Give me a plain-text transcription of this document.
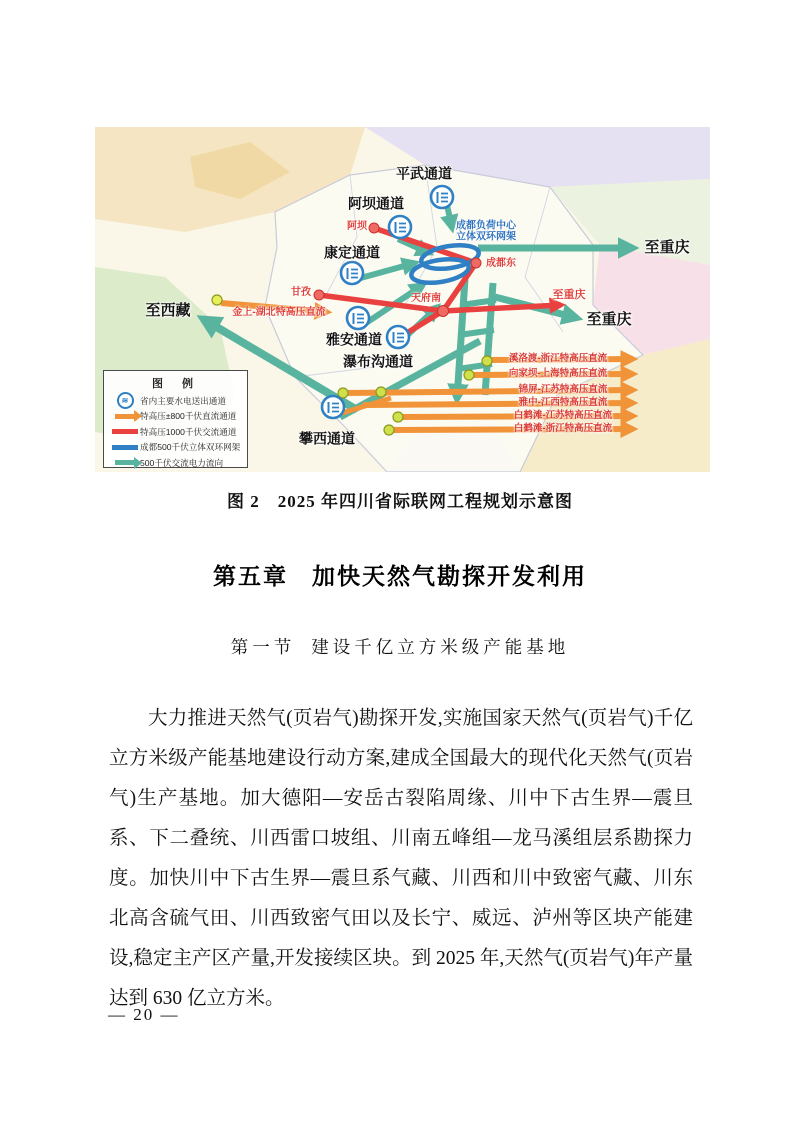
平武通道
阿坝通道
康定通道
雅安通道
瀑布沟通道
攀西通道
至西藏
至重庆
至重庆
至重庆
阿坝
甘孜
成都东
天府南
成都负荷中心
立体双环网架
金上-湖北特高压直流
溪洛渡-浙江特高压直流
向家坝-上海特高压直流
锦屏-江苏特高压直流
雅中-江西特高压直流
白鹤滩-江苏特高压直流
白鹤滩-浙江特高压直流
图 例
≋	省内主要水电送出通道
特高压±800千伏直流通道
特高压1000千伏交流通道
成都500千伏立体双环网架
500千伏交流电力流向
图 2　2025 年四川省际联网工程规划示意图
第五章 加快天然气勘探开发利用
第一节 建设千亿立方米级产能基地

大力推进天然气(页岩气)勘探开发,实施国家天然气(页岩气)千亿立方米级产能基地建设行动方案,建成全国最大的现代化天然气(页岩气)生产基地。加大德阳—安岳古裂陷周缘、川中下古生界—震旦系、下二叠统、川西雷口坡组、川南五峰组—龙马溪组层系勘探力度。加快川中下古生界—震旦系气藏、川西和川中致密气藏、川东北高含硫气田、川西致密气田以及长宁、威远、泸州等区块产能建设,稳定主产区产量,开发接续区块。到 2025 年,天然气(页岩气)年产量达到 630 亿立方米。

— 20 —
